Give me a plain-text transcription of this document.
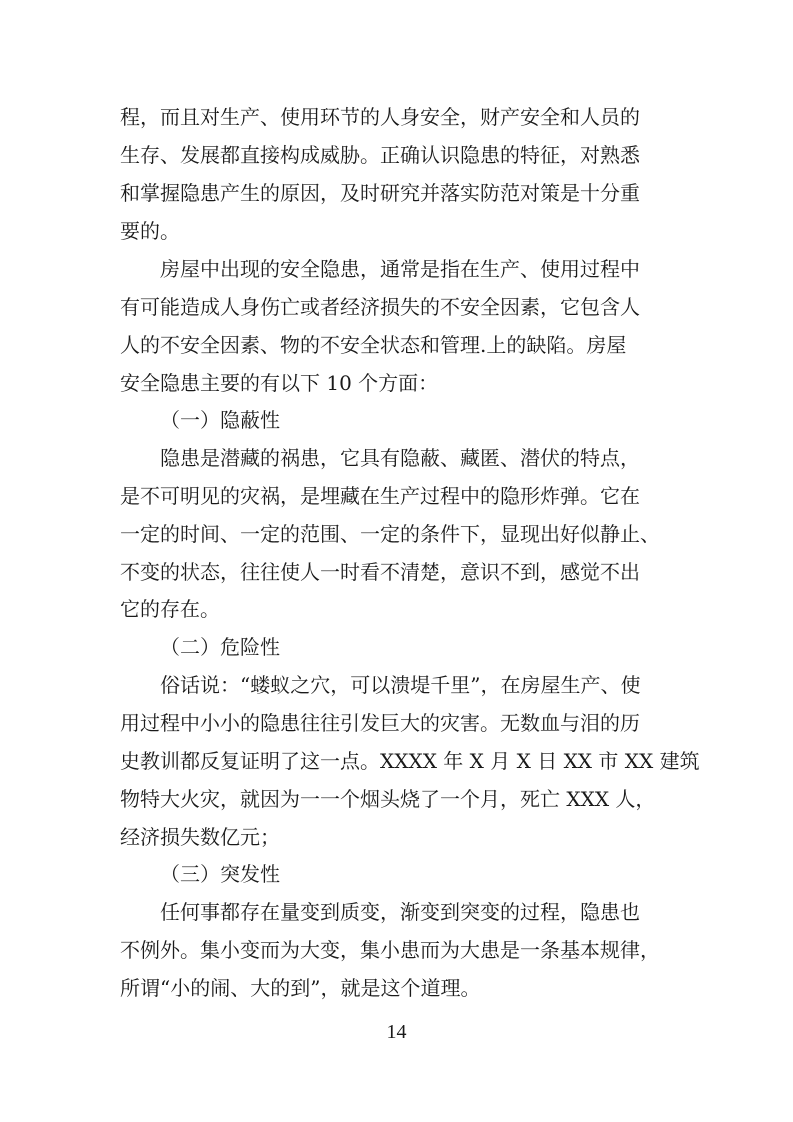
程，而且对生产、使用环节的人身安全，财产安全和人员的
生存、发展都直接构成威胁。正确认识隐患的特征，对熟悉
和掌握隐患产生的原因，及时研究并落实防范对策是十分重
要的。
房屋中出现的安全隐患，通常是指在生产、使用过程中
有可能造成人身伤亡或者经济损失的不安全因素，它包含人
人的不安全因素、物的不安全状态和管理.上的缺陷。房屋
安全隐患主要的有以下 10 个方面：
（一）隐蔽性
隐患是潜藏的祸患，它具有隐蔽、藏匿、潜伏的特点，
是不可明见的灾祸，是埋藏在生产过程中的隐形炸弹。它在
一定的时间、一定的范围、一定的条件下，显现出好似静止、
不变的状态，往往使人一时看不清楚，意识不到，感觉不出
它的存在。
（二）危险性
俗话说：“蝼蚁之穴，可以溃堤千里”，在房屋生产、使
用过程中小小的隐患往往引发巨大的灾害。无数血与泪的历
史教训都反复证明了这一点。XXXX 年 X 月 X 日 XX 市 XX 建筑
物特大火灾，就因为一一个烟头烧了一个月，死亡 XXX 人，
经济损失数亿元；
（三）突发性
任何事都存在量变到质变，渐变到突变的过程，隐患也
不例外。集小变而为大变，集小患而为大患是一条基本规律，
所谓“小的闹、大的到”，就是这个道理。
14
